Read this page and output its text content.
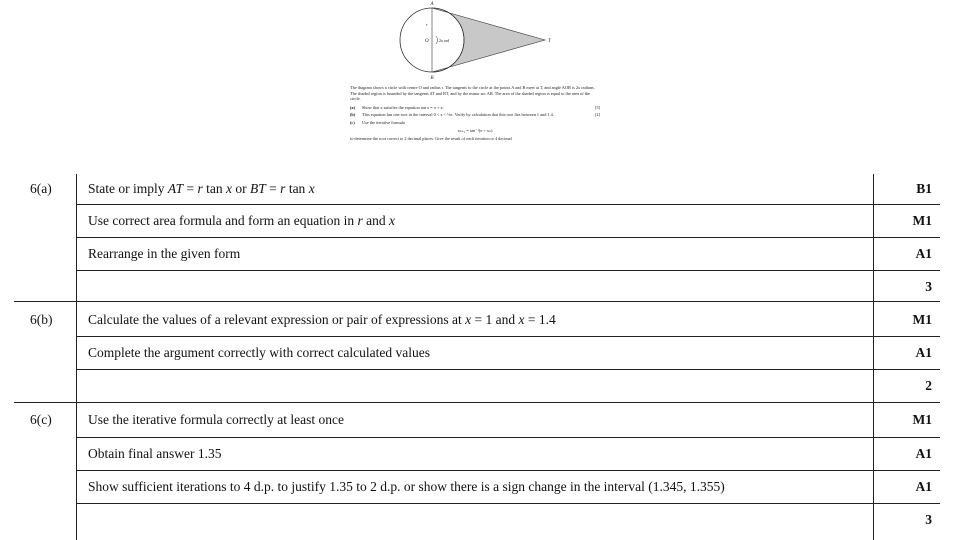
A
B
T
O
r
2x rad

The diagram shows a circle with centre O and radius r. The tangents to the circle at the points A and B meet at T, and angle AOB is 2x radians. The shaded region is bounded by the tangents AT and BT, and by the minor arc AB. The area of the shaded region is equal to the area of the circle.

(a) Show that x satisfies the equation tan x = π + x.	[3]
(b) This equation has one root in the interval 0 < x < ½π. Verify by calculation that this root lies between 1 and 1.4.	[2]
(c) Use the iterative formula
xₙ₊₁ = tan⁻¹(π + xₙ)

to determine the root correct to 2 decimal places. Give the result of each iteration to 4 decimal

6(a)	State or imply AT = r tan x or BT = r tan x	B1
Use correct area formula and form an equation in r and x	M1
Rearrange in the given form	A1
3
6(b)	Calculate the values of a relevant expression or pair of expressions at x = 1 and x = 1.4	M1
Complete the argument correctly with correct calculated values	A1
2
6(c)	Use the iterative formula correctly at least once	M1
Obtain final answer 1.35	A1
Show sufficient iterations to 4 d.p. to justify 1.35 to 2 d.p. or show there is a sign change in the interval (1.345, 1.355)	A1
3
